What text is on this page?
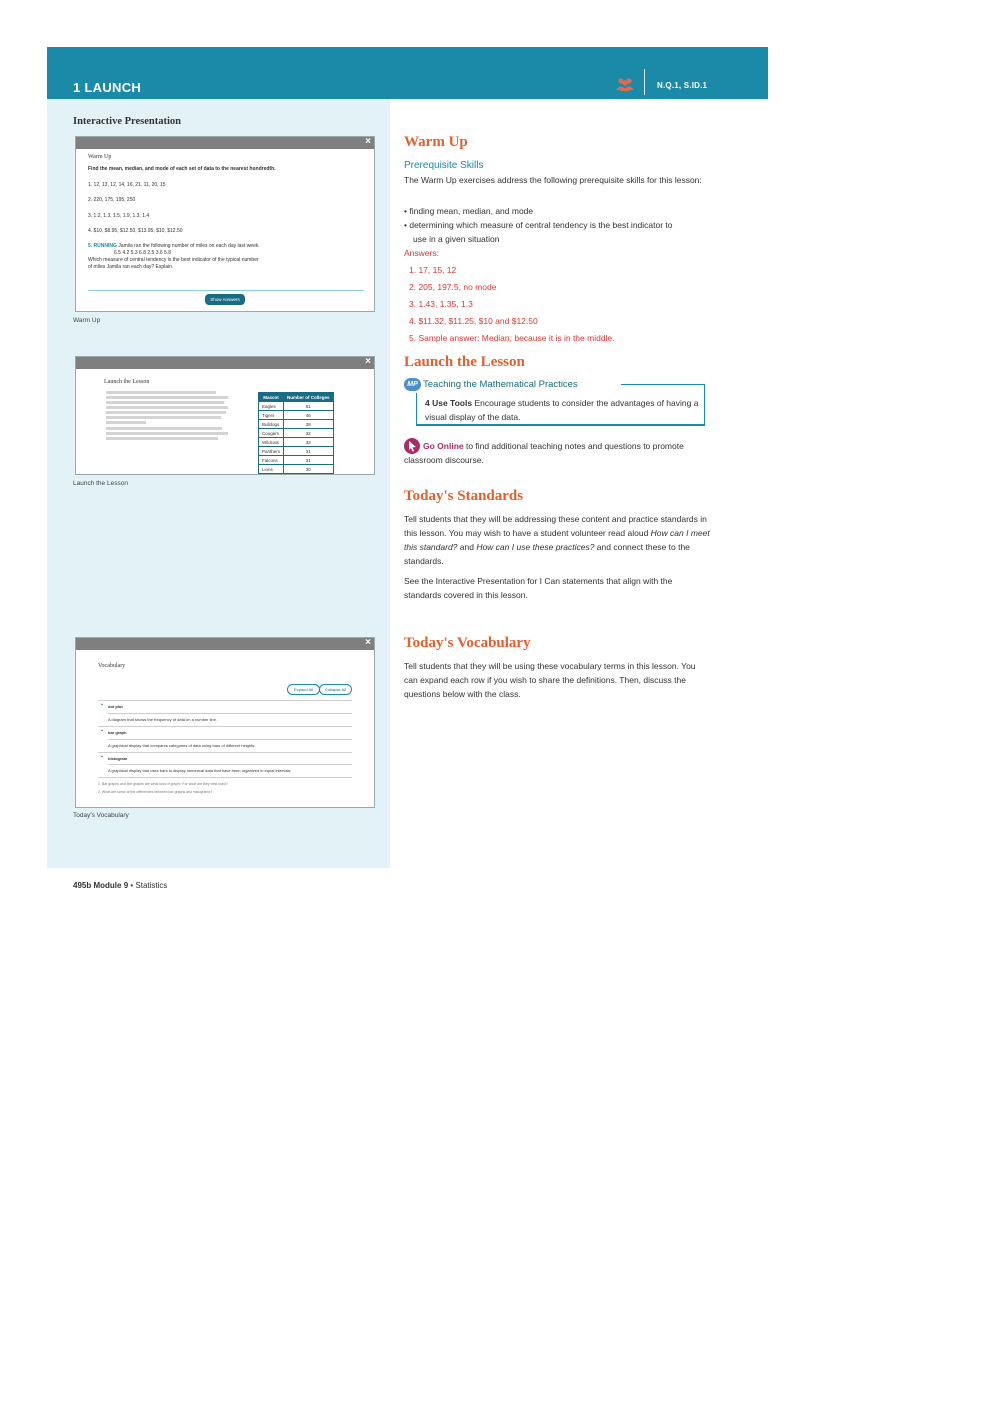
1 LAUNCH	N.Q.1, S.ID.1
Interactive Presentation
×
Warm Up
Find the mean, median, and mode of each set of data to the nearest hundredth.
1. 12, 13, 12, 14, 16, 21, 11, 20, 15
2. 220, 175, 195, 250
3. 1.2, 1.3, 1.5, 1.9, 1.3, 1.4
4. $10, $8.95, $12.50, $13.95, $10, $12.50
5. RUNNING Jamila ran the following number of miles on each day last week.
6.5 4.2 5.3 6.8 2.5 3.6 5.8
Which measure of central tendency is the best indicator of the typical number
of miles Jamila ran each day? Explain.
Show Answers
Warm Up
×
Launch the Lesson
Mascot	Number of Colleges
Eagles	61
Tigers	46
Bulldogs	39
Cougars	32
Wildcats	32
Panthers	31
Falcons	31
Lions	30
Launch the Lesson
×
Vocabulary
Expand All	Collapse All
⌄ dot plot
A diagram that shows the frequency of data on a number line.
⌄ bar graph
A graphical display that compares categories of data using bars of different heights.
⌄ histogram
A graphical display that uses bars to display numerical data that have been organized in equal intervals.
1. Bar graphs and line graphs are what kind of graph? For what are they best used?
2. What are some of the differences between bar graphs and histograms?
Today's Vocabulary
Warm Up
Prerequisite Skills
The Warm Up exercises address the following prerequisite skills for this lesson:
• finding mean, median, and mode
• determining which measure of central tendency is the best indicator to
use in a given situation
Answers:
1. 17, 15, 12
2. 205, 197.5, no mode
3. 1.43, 1.35, 1.3
4. $11.32, $11.25, $10 and $12.50
5. Sample answer: Median; because it is in the middle.
Launch the Lesson
MP Teaching the Mathematical Practices
4 Use Tools Encourage students to consider the advantages of having a visual display of the data.
Go Online to find additional teaching notes and questions to promote classroom discourse.
Today's Standards
Tell students that they will be addressing these content and practice standards in this lesson. You may wish to have a student volunteer read aloud How can I meet this standard? and How can I use these practices? and connect these to the standards.
See the Interactive Presentation for I Can statements that align with the standards covered in this lesson.
Today's Vocabulary
Tell students that they will be using these vocabulary terms in this lesson. You can expand each row if you wish to share the definitions. Then, discuss the questions below with the class.
495b Module 9 • Statistics
